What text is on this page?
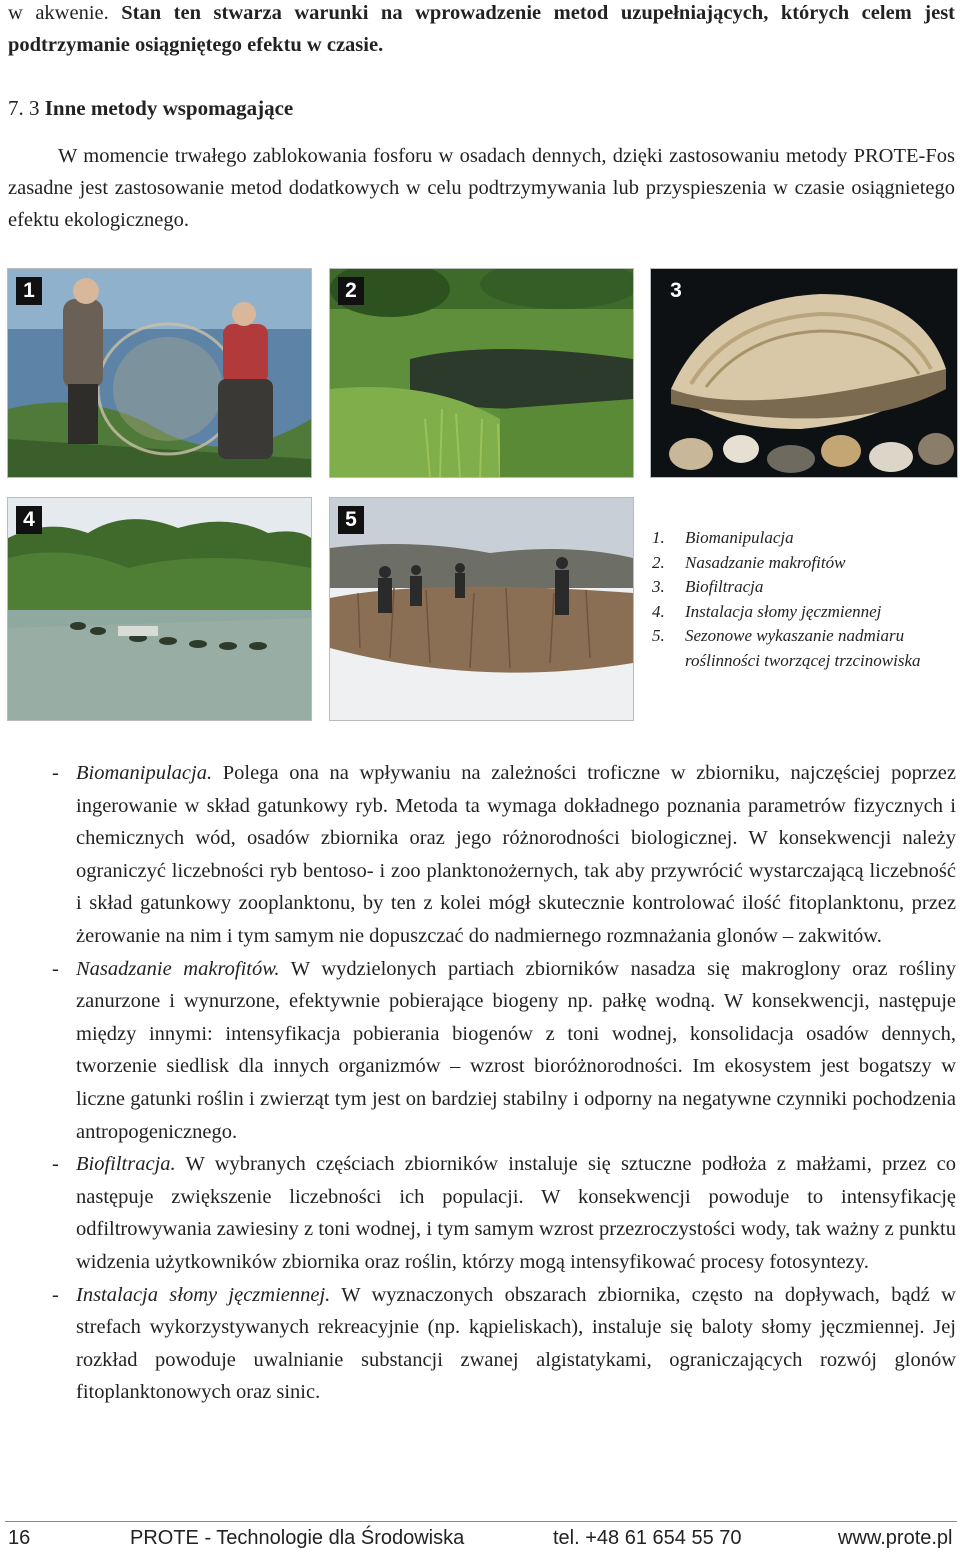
w akwenie. Stan ten stwarza warunki na wprowadzenie metod uzupełniających, których celem jest podtrzymanie osiągniętego efektu w czasie.
7. 3 Inne metody wspomagające
W momencie trwałego zablokowania fosforu w osadach dennych, dzięki zastosowaniu metody PROTE-Fos zasadne jest zastosowanie metod dodatkowych w celu podtrzymywania lub przyspieszenia w czasie osiągnietego efektu ekologicznego.
1	2	3
4	5
1. Biomanipulacja
2. Nasadzanie makrofitów
3. Biofiltracja
4. Instalacja słomy jęczmiennej
5. Sezonowe wykaszanie nadmiaru roślinności tworzącej trzcinowiska
- Biomanipulacja. Polega ona na wpływaniu na zależności troficzne w zbiorniku, najczęściej poprzez ingerowanie w skład gatunkowy ryb. Metoda ta wymaga dokładnego poznania parametrów fizycznych i chemicznych wód, osadów zbiornika oraz jego różnorodności biologicznej. W konsekwencji należy ograniczyć liczebności ryb bentoso- i zoo planktonożernych, tak aby przywrócić wystarczającą liczebność i skład gatunkowy zooplanktonu, by ten z kolei mógł skutecznie kontrolować ilość fitoplanktonu, przez żerowanie na nim i tym samym nie dopuszczać do nadmiernego rozmnażania glonów – zakwitów.
- Nasadzanie makrofitów. W wydzielonych partiach zbiorników nasadza się makroglony oraz rośliny zanurzone i wynurzone, efektywnie pobierające biogeny np. pałkę wodną. W konsekwencji, następuje między innymi: intensyfikacja pobierania biogenów z toni wodnej, konsolidacja osadów dennych, tworzenie siedlisk dla innych organizmów – wzrost bioróżnorodności. Im ekosystem jest bogatszy w liczne gatunki roślin i zwierząt tym jest on bardziej stabilny i odporny na negatywne czynniki pochodzenia antropogenicznego.
- Biofiltracja. W wybranych częściach zbiorników instaluje się sztuczne podłoża z małżami, przez co następuje zwiększenie liczebności ich populacji. W konsekwencji powoduje to intensyfikację odfiltrowywania zawiesiny z toni wodnej, i tym samym wzrost przezroczystości wody, tak ważny z punktu widzenia użytkowników zbiornika oraz roślin, którzy mogą intensyfikować procesy fotosyntezy.
- Instalacja słomy jęczmiennej. W wyznaczonych obszarach zbiornika, często na dopływach, bądź w strefach wykorzystywanych rekreacyjnie (np. kąpieliskach), instaluje się baloty słomy jęczmiennej. Jej rozkład powoduje uwalnianie substancji zwanej algistatykami, ograniczających rozwój glonów fitoplanktonowych oraz sinic.
16	PROTE - Technologie dla Środowiska	tel. +48 61 654 55 70	www.prote.pl
